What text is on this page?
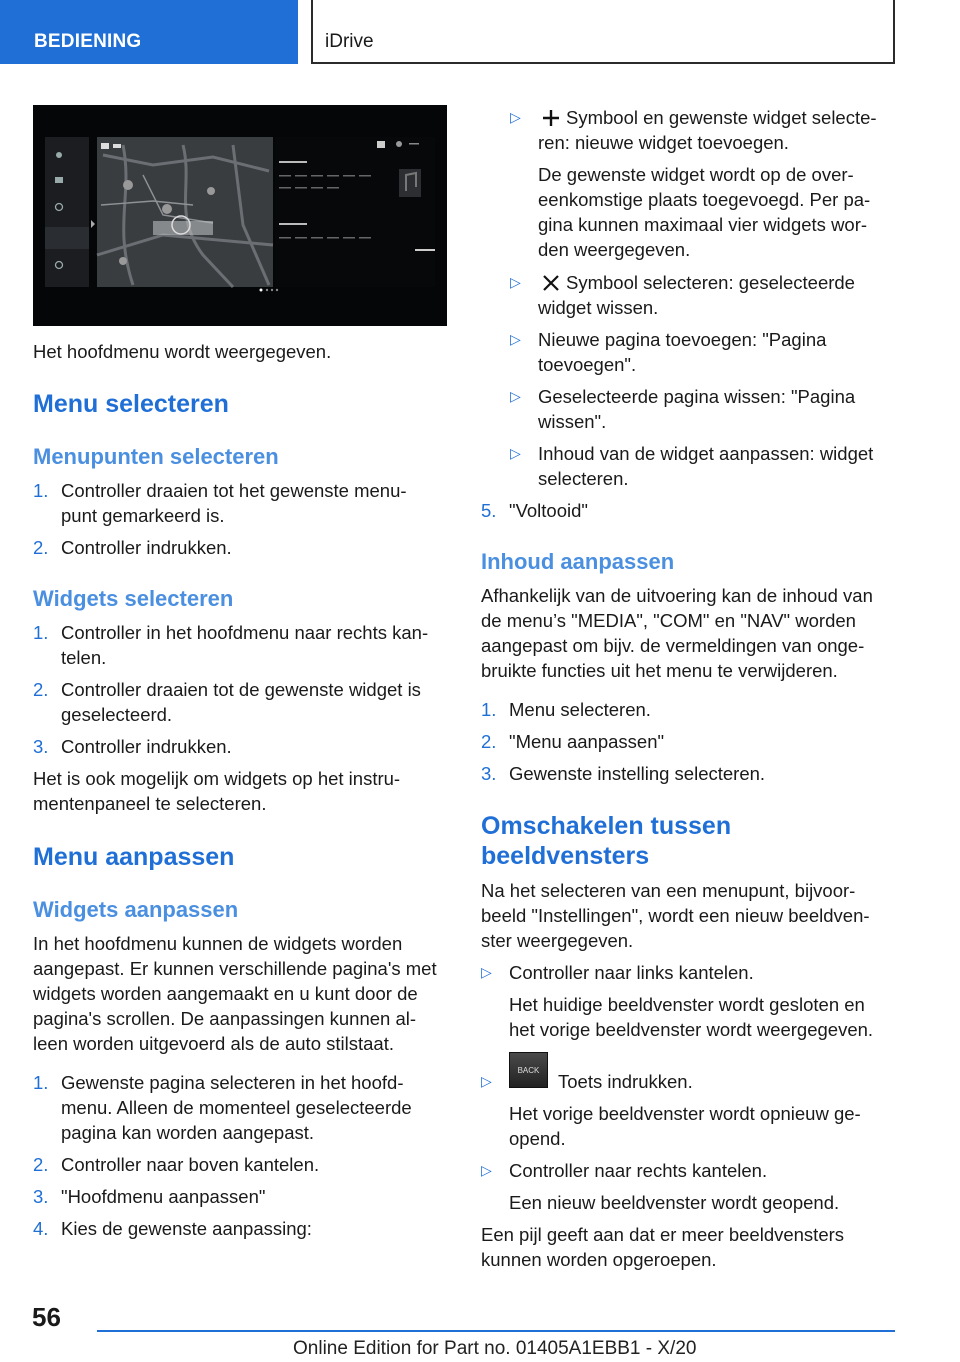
BEDIENING	iDrive

Het hoofdmenu wordt weergegeven.

Menu selecteren
Menupunten selecteren
1. Controller draaien tot het gewenste menu-
punt gemarkeerd is.

2. Controller indrukken.

Widgets selecteren
1. Controller in het hoofdmenu naar rechts kan-
telen.

2. Controller draaien tot de gewenste widget is
geselecteerd.

3. Controller indrukken.

Het is ook mogelijk om widgets op het instru-
mentenpaneel te selecteren.

Menu aanpassen
Widgets aanpassen

In het hoofdmenu kunnen de widgets worden
aangepast. Er kunnen verschillende pagina's met
widgets worden aangemaakt en u kunt door de
pagina's scrollen. De aanpassingen kunnen al-
leen worden uitgevoerd als de auto stilstaat.

1. Gewenste pagina selecteren in het hoofd-
menu. Alleen de momenteel geselecteerde
pagina kan worden aangepast.

2. Controller naar boven kantelen.

3. "Hoofdmenu aanpassen"

4. Kies de gewenste aanpassing:

▷	Symbool en gewenste widget selecte-
ren: nieuwe widget toevoegen.

De gewenste widget wordt op de over-
eenkomstige plaats toegevoegd. Per pa-
gina kunnen maximaal vier widgets wor-
den weergegeven.

▷	Symbool selecteren: geselecteerde
widget wissen.

▷ Nieuwe pagina toevoegen: "Pagina
toevoegen".

▷ Geselecteerde pagina wissen: "Pagina
wissen".

▷ Inhoud van de widget aanpassen: widget
selecteren.

5. "Voltooid"

Inhoud aanpassen

Afhankelijk van de uitvoering kan de inhoud van
de menu’s "MEDIA", "COM" en "NAV" worden
aangepast om bijv. de vermeldingen van onge-
bruikte functies uit het menu te verwijderen.

1. Menu selecteren.

2. "Menu aanpassen"

3. Gewenste instelling selecteren.

Omschakelen tussen
beeldvensters

Na het selecteren van een menupunt, bijvoor-
beeld "Instellingen", wordt een nieuw beeldven-
ster weergegeven.

▷ Controller naar links kantelen.

Het huidige beeldvenster wordt gesloten en
het vorige beeldvenster wordt weergegeven.

▷
BACK

Toets indrukken.

Het vorige beeldvenster wordt opnieuw ge-
opend.

▷ Controller naar rechts kantelen.

Een nieuw beeldvenster wordt geopend.

Een pijl geeft aan dat er meer beeldvensters
kunnen worden opgeroepen.

56
Online Edition for Part no. 01405A1EBB1 - X/20
